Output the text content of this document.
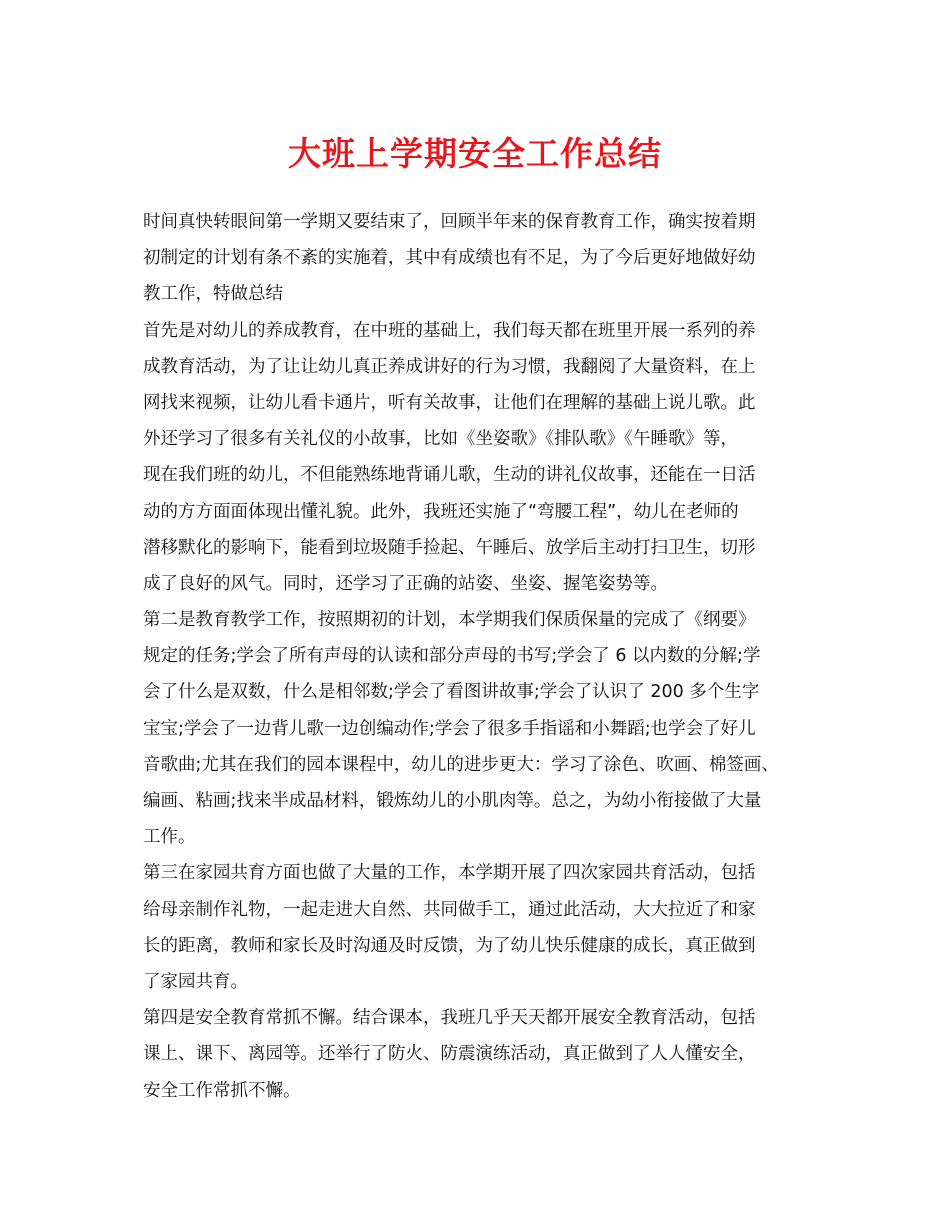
大班上学期安全工作总结
时间真快转眼间第一学期又要结束了，回顾半年来的保育教育工作，确实按着期
初制定的计划有条不紊的实施着，其中有成绩也有不足，为了今后更好地做好幼
教工作，特做总结
首先是对幼儿的养成教育，在中班的基础上，我们每天都在班里开展一系列的养
成教育活动，为了让让幼儿真正养成讲好的行为习惯，我翻阅了大量资料，在上
网找来视频，让幼儿看卡通片，听有关故事，让他们在理解的基础上说儿歌。此
外还学习了很多有关礼仪的小故事，比如《坐姿歌》《排队歌》《午睡歌》等，
现在我们班的幼儿，不但能熟练地背诵儿歌，生动的讲礼仪故事，还能在一日活
动的方方面面体现出懂礼貌。此外，我班还实施了“弯腰工程”，幼儿在老师的
潜移默化的影响下，能看到垃圾随手捡起、午睡后、放学后主动打扫卫生，切形
成了良好的风气。同时，还学习了正确的站姿、坐姿、握笔姿势等。
第二是教育教学工作，按照期初的计划，本学期我们保质保量的完成了《纲要》
规定的任务;学会了所有声母的认读和部分声母的书写;学会了 6 以内数的分解;学
会了什么是双数，什么是相邻数;学会了看图讲故事;学会了认识了 200 多个生字
宝宝;学会了一边背儿歌一边创编动作;学会了很多手指谣和小舞蹈;也学会了好儿
音歌曲;尤其在我们的园本课程中，幼儿的进步更大：学习了涂色、吹画、棉签画、
编画、粘画;找来半成品材料，锻炼幼儿的小肌肉等。总之，为幼小衔接做了大量
工作。
第三在家园共育方面也做了大量的工作，本学期开展了四次家园共育活动，包括
给母亲制作礼物，一起走进大自然、共同做手工，通过此活动，大大拉近了和家
长的距离，教师和家长及时沟通及时反馈，为了幼儿快乐健康的成长，真正做到
了家园共育。
第四是安全教育常抓不懈。结合课本，我班几乎天天都开展安全教育活动，包括
课上、课下、离园等。还举行了防火、防震演练活动，真正做到了人人懂安全，
安全工作常抓不懈。
